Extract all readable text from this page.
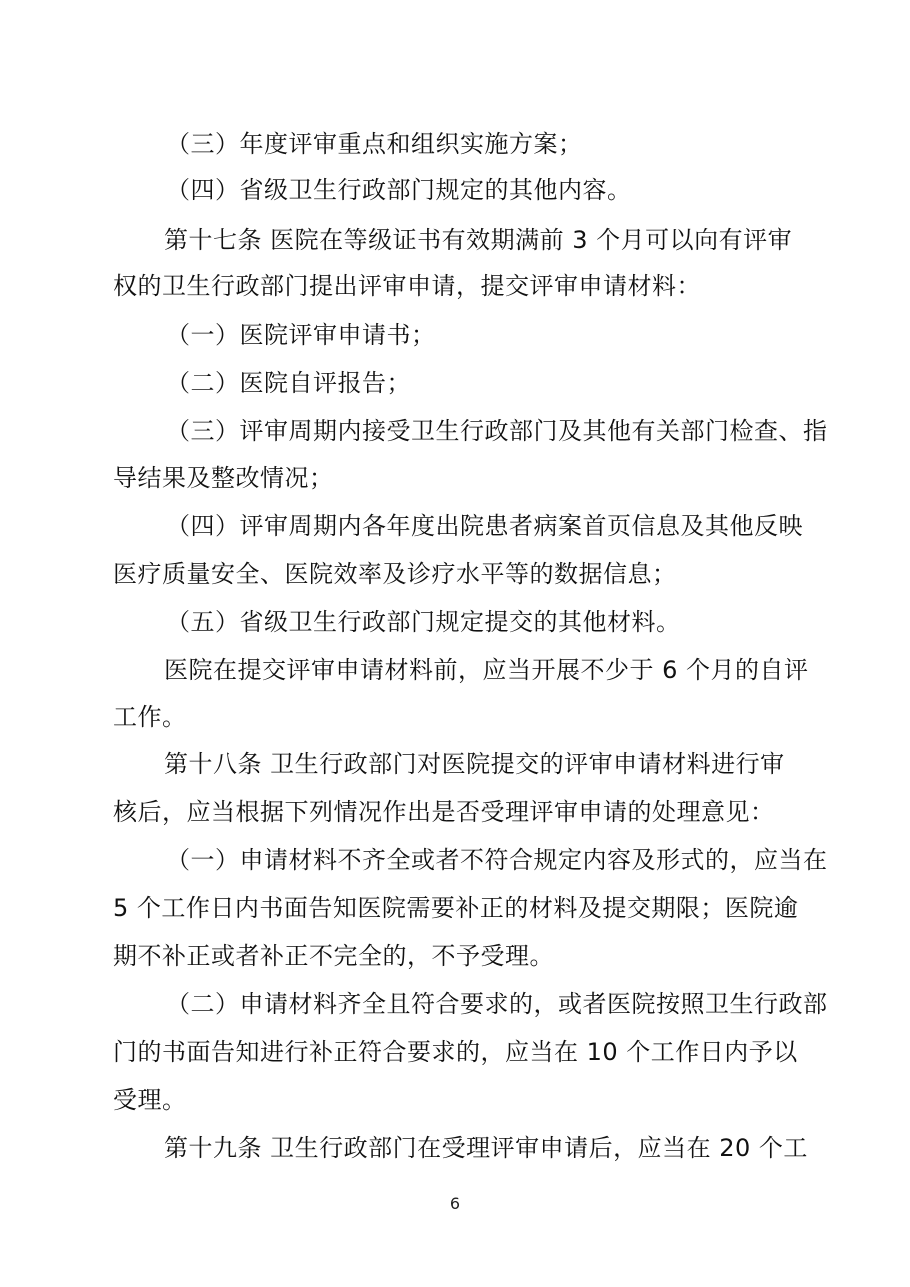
（三）年度评审重点和组织实施方案；
（四）省级卫生行政部门规定的其他内容。
第十七条 医院在等级证书有效期满前 3 个月可以向有评审
权的卫生行政部门提出评审申请，提交评审申请材料：
（一）医院评审申请书；
（二）医院自评报告；
（三）评审周期内接受卫生行政部门及其他有关部门检查、指
导结果及整改情况；
（四）评审周期内各年度出院患者病案首页信息及其他反映
医疗质量安全、医院效率及诊疗水平等的数据信息；
（五）省级卫生行政部门规定提交的其他材料。
医院在提交评审申请材料前，应当开展不少于 6 个月的自评
工作。
第十八条 卫生行政部门对医院提交的评审申请材料进行审
核后，应当根据下列情况作出是否受理评审申请的处理意见：
（一）申请材料不齐全或者不符合规定内容及形式的，应当在
5 个工作日内书面告知医院需要补正的材料及提交期限；医院逾
期不补正或者补正不完全的，不予受理。
（二）申请材料齐全且符合要求的，或者医院按照卫生行政部
门的书面告知进行补正符合要求的，应当在 10 个工作日内予以
受理。
第十九条 卫生行政部门在受理评审申请后，应当在 20 个工
6
